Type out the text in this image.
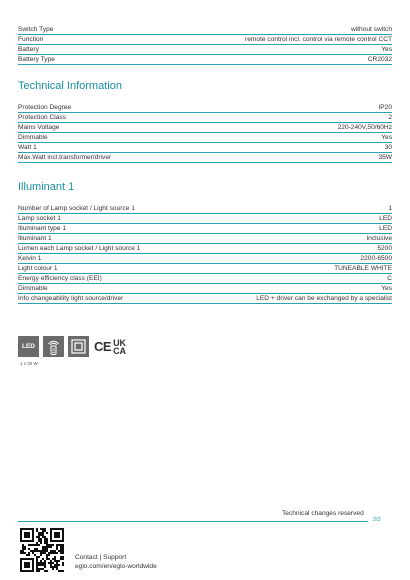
Switch Type	without switch
Function	remote control incl. control via remote control CCT
Battery	Yes
Battery Type	CR2032
Technical Information
Protection Degree	IP20
Protection Class	2
Mains Voltage	220-240V,50/60Hz
Dimmable	Yes
Watt 1	30
Max.Watt incl.transformer/driver	35W
Illuminant 1
Number of Lamp socket / Light source 1	1
Lamp socket 1	LED
Illuminant type 1	LED
Illuminant 1	Inclusive
Lumen each Lamp socket / Light source 1	5200
Kelvin 1	2200-6500
Light colour 1	TUNEABLE WHITE
Energy efficiency class (EEI)	C
Dimmable	Yes
Info changeability light source/driver	LED + driver can be exchanged by a specialist
LED	CE UK
CA
1 x 30 W
Technical changes reserved
2/2
Contact | Support
eglo.com/en/eglo-worldwide
